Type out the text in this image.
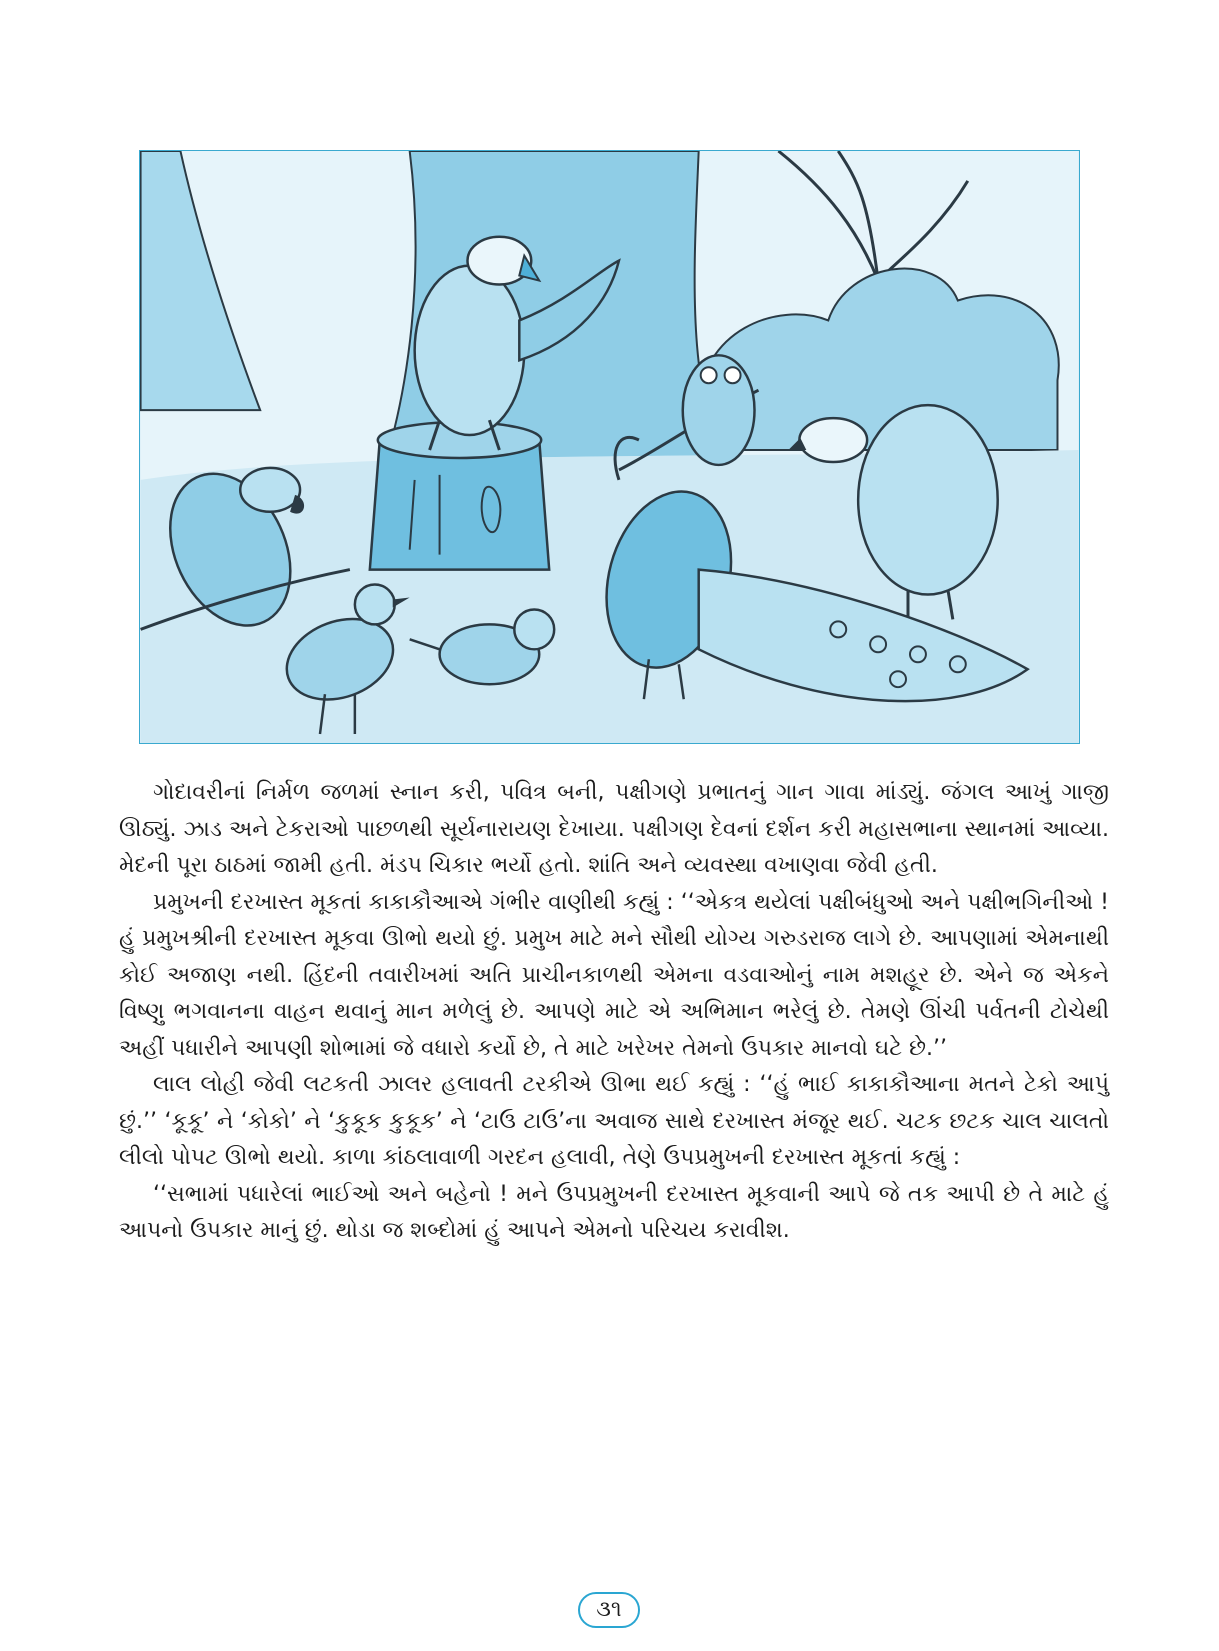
ગોદાવરીનાં નિર્મળ જળમાં સ્નાન કરી, પવિત્ર બની, પક્ષીગણે પ્રભાતનું ગાન ગાવા માંડ્યું. જંગલ આખું ગાજી ઊઠ્યું. ઝાડ અને ટેકરાઓ પાછળથી સૂર્યનારાયણ દેખાયા. પક્ષીગણ દેવનાં દર્શન કરી મહાસભાના સ્થાનમાં આવ્યા. મેદની પૂરા ઠાઠમાં જામી હતી. મંડપ ચિકાર ભર્યો હતો. શાંતિ અને વ્યવસ્થા વખાણવા જેવી હતી.

પ્રમુખની દરખાસ્ત મૂકતાં કાકાકૌઆએ ગંભીર વાણીથી કહ્યું : ‘‘એકત્ર થયેલાં પક્ષીબંધુઓ અને પક્ષીભગિનીઓ ! હું પ્રમુખશ્રીની દરખાસ્ત મૂકવા ઊભો થયો છું. પ્રમુખ માટે મને સૌથી યોગ્ય ગરુડરાજ લાગે છે. આપણામાં એમનાથી કોઈ અજાણ નથી. હિંદની તવારીખમાં અતિ પ્રાચીનકાળથી એમના વડવાઓનું નામ મશહૂર છે. એને જ એકને વિષ્ણુ ભગવાનના વાહન થવાનું માન મળેલું છે. આપણે માટે એ અભિમાન ભરેલું છે. તેમણે ઊંચી પર્વતની ટોચેથી અહીં પધારીને આપણી શોભામાં જે વધારો કર્યો છે, તે માટે ખરેખર તેમનો ઉપકાર માનવો ઘટે છે.’’

લાલ લોહી જેવી લટકતી ઝાલર હલાવતી ટરકીએ ઊભા થઈ કહ્યું : ‘‘હું ભાઈ કાકાકૌઆના મતને ટેકો આપું છું.’’ ‘કૂકૂ’ ને ‘કોકો’ ને ‘કુકૂક કુકૂક’ ને ‘ટાઉ ટાઉ’ના અવાજ સાથે દરખાસ્ત મંજૂર થઈ. ચટક છટક ચાલ ચાલતો લીલો પોપટ ઊભો થયો. કાળા કાંઠલાવાળી ગરદન હલાવી, તેણે ઉપપ્રમુખની દરખાસ્ત મૂકતાં કહ્યું :

‘‘સભામાં પધારેલાં ભાઈઓ અને બહેનો ! મને ઉપપ્રમુખની દરખાસ્ત મૂકવાની આપે જે તક આપી છે તે માટે હું આપનો ઉપકાર માનું છું. થોડા જ શબ્દોમાં હું આપને એમનો પરિચય કરાવીશ.

૩૧
